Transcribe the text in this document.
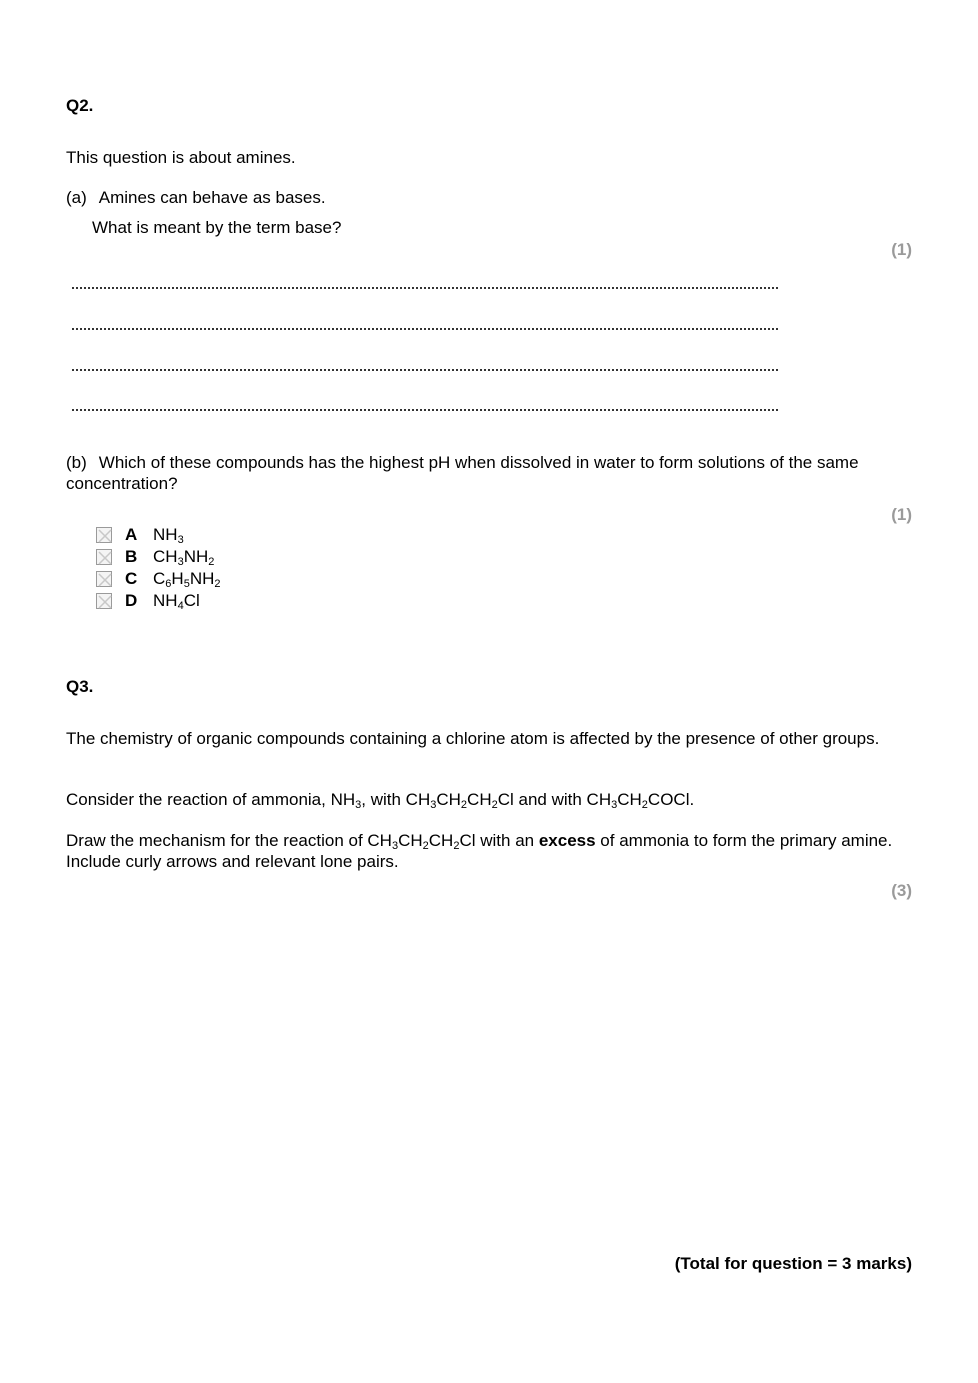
Q2.
This question is about amines.
(a) Amines can behave as bases.
What is meant by the term base?
(1)
(b) Which of these compounds has the highest pH when dissolved in water to form solutions of the same concentration?
(1)
A $NH_3$
B $CH_3NH_2$
C $C_6H_5NH_2$
D $NH_4Cl$
Q3.
The chemistry of organic compounds containing a chlorine atom is affected by the presence of other groups.
Consider the reaction of ammonia, $NH_3$, with $CH_3CH_2CH_2Cl$ and with $CH_3CH_2COCl$.
Draw the mechanism for the reaction of $CH_3CH_2CH_2Cl$ with an excess of ammonia to form the primary amine. Include curly arrows and relevant lone pairs.
(3)
(Total for question = 3 marks)
